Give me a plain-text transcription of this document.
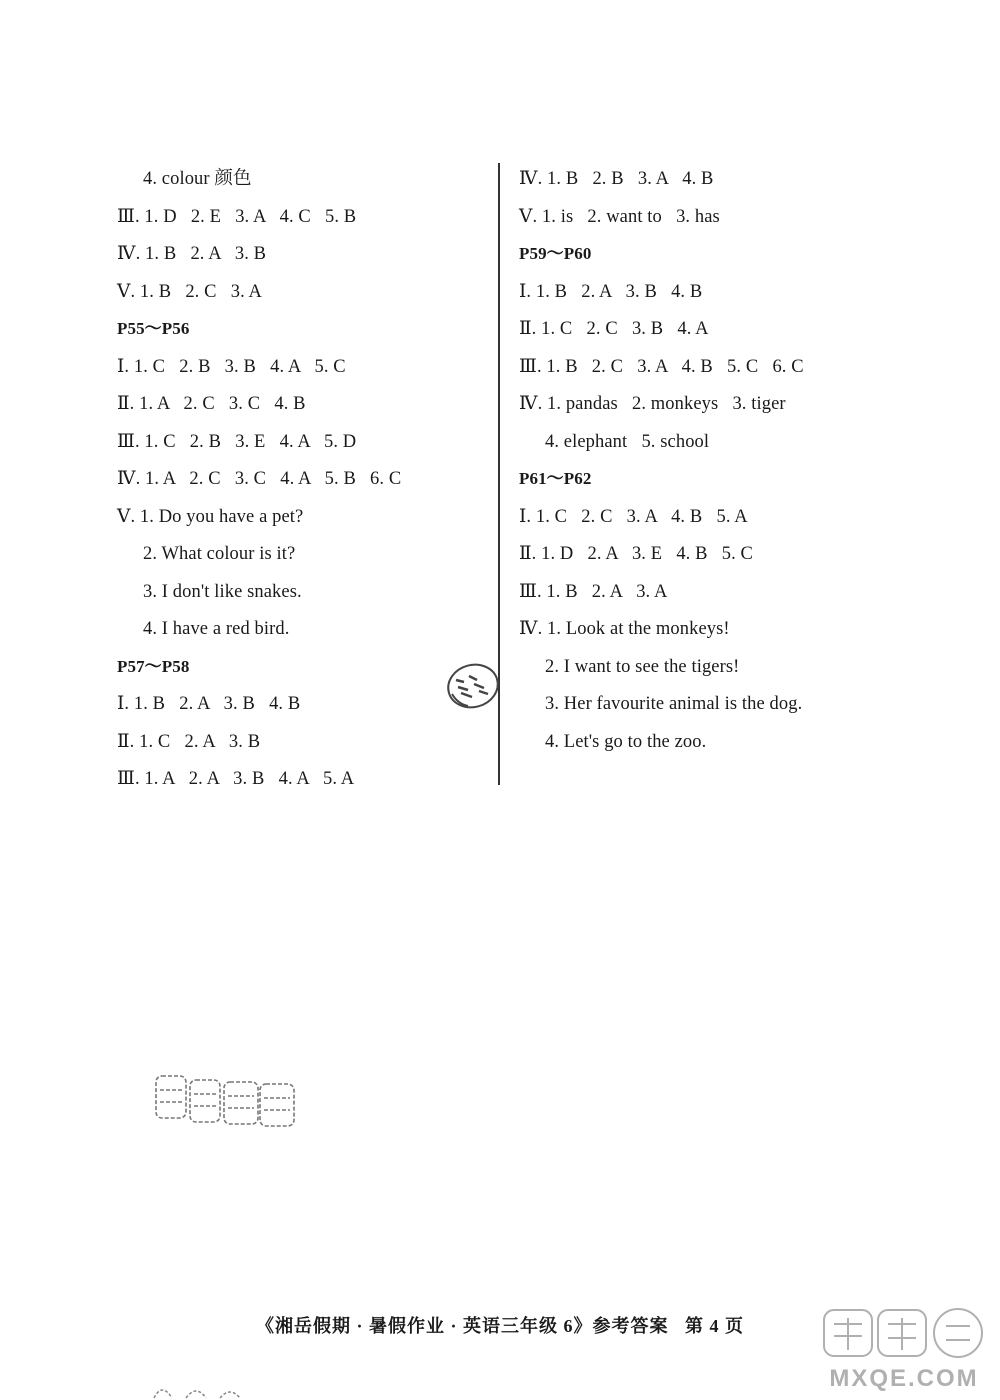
4. colour 颜色
Ⅲ. 1. D   2. E   3. A   4. C   5. B
Ⅳ. 1. B   2. A   3. B
Ⅴ. 1. B   2. C   3. A
P55～P56
Ⅰ. 1. C   2. B   3. B   4. A   5. C
Ⅱ. 1. A   2. C   3. C   4. B
Ⅲ. 1. C   2. B   3. E   4. A   5. D
Ⅳ. 1. A   2. C   3. C   4. A   5. B   6. C
Ⅴ. 1. Do you have a pet?
2. What colour is it?
3. I don't like snakes.
4. I have a red bird.
P57～P58
Ⅰ. 1. B   2. A   3. B   4. B
Ⅱ. 1. C   2. A   3. B
Ⅲ. 1. A   2. A   3. B   4. A   5. A
Ⅳ. 1. B   2. B   3. A   4. B
Ⅴ. 1. is   2. want to   3. has
P59～P60
Ⅰ. 1. B   2. A   3. B   4. B
Ⅱ. 1. C   2. C   3. B   4. A
Ⅲ. 1. B   2. C   3. A   4. B   5. C   6. C
Ⅳ. 1. pandas   2. monkeys   3. tiger
4. elephant   5. school
P61～P62
Ⅰ. 1. C   2. C   3. A   4. B   5. A
Ⅱ. 1. D   2. A   3. E   4. B   5. C
Ⅲ. 1. B   2. A   3. A
Ⅳ. 1. Look at the monkeys!
2. I want to see the tigers!
3. Her favourite animal is the dog.
4. Let's go to the zoo.
MXQE.COM
《湘岳假期 · 暑假作业 · 英语三年级 6》参考答案   第 4 页
